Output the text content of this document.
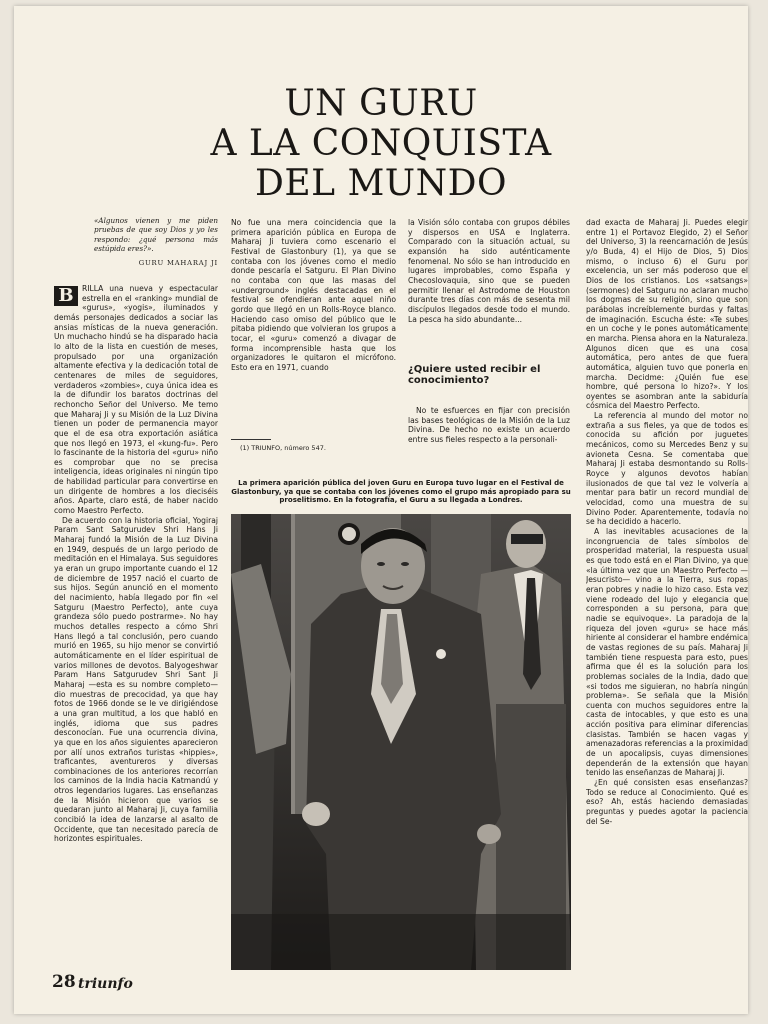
UN GURU
A LA CONQUISTA
DEL MUNDO
«Algunos vienen y me piden pruebas de que soy Dios y yo les respondo: ¿qué persona más estúpida eres?».
GURU MAHARAJ JI

B	RILLA una nueva y espectacular estrella en el «ranking» mundial de «gurus», «yogis», iluminados y demás personajes dedicados a sociar las ansias místicas de la nueva generación. Un muchacho hindú se ha disparado hacia lo alto de la lista en cuestión de meses, propulsado por una organización altamente efectiva y la dedicación total de centenares de miles de seguidores, verdaderos «zombies», cuya única idea es la de difundir los baratos doctrinas del rechoncho Señor del Universo. Me temo que Maharaj Ji y su Misión de la Luz Divina tienen un poder de permanencia mayor que el de esa otra exportación asiática que nos llegó en 1973, el «kung-fu». Pero lo fascinante de la historia del «guru» niño es comprobar que no se precisa inteligencia, ideas originales ni ningún tipo de habilidad particular para convertirse en un dirigente de hombres a los dieciséis años. Aparte, claro está, de haber nacido como Maestro Perfecto.

De acuerdo con la historia oficial, Yogiraj Param Sant Satgurudev Shri Hans Ji Maharaj fundó la Misión de la Luz Divina en 1949, después de un largo periodo de meditación en el Himalaya. Sus seguidores ya eran un grupo importante cuando el 12 de diciembre de 1957 nació el cuarto de sus hijos. Según anunció en el momento del nacimiento, había llegado por fin «el Satguru (Maestro Perfecto), ante cuya grandeza sólo puedo postrarme». No hay muchos detalles respecto a cómo Shri Hans llegó a tal conclusión, pero cuando murió en 1965, su hijo menor se convirtió automáticamente en el líder espiritual de varios millones de devotos. Balyogeshwar Param Hans Satgurudev Shri Sant Ji Maharaj —esta es su nombre completo— dio muestras de precocidad, ya que hay fotos de 1966 donde se le ve dirigiéndose a una gran multitud, a los que habló en inglés, idioma que sus padres desconocían. Fue una ocurrencia divina, ya que en los años siguientes aparecieron por allí unos extraños turistas «hippies», traficantes, aventureros y diversas combinaciones de los anteriores recorrían los caminos de la India hacia Katmandú y otros legendarios lugares. Las enseñanzas de la Misión hicieron que varios se quedaran junto al Maharaj Ji, cuya familia concibió la idea de lanzarse al asalto de Occidente, que tan necesitado parecía de horizontes espirituales.

No fue una mera coincidencia que la primera aparición pública en Europa de Maharaj Ji tuviera como escenario el Festival de Glastonbury (1), ya que se contaba con los jóvenes como el medio donde pescaría el Satguru. El Plan Divino no contaba con que las masas del «underground» inglés destacadas en el festival se ofendieran ante aquel niño gordo que llegó en un Rolls-Royce blanco. Haciendo caso omiso del público que le pitaba pidiendo que volvieran los grupos a tocar, el «guru» comenzó a divagar de forma incomprensible hasta que los organizadores le quitaron el micrófono. Esto era en 1971, cuando

(1) TRIUNFO, número 547.

la Visión sólo contaba con grupos débiles y dispersos en USA e Inglaterra. Comparado con la situación actual, su expansión ha sido auténticamente fenomenal. No sólo se han introducido en lugares improbables, como España y Checoslovaquia, sino que se pueden permitir llenar el Astrodome de Houston durante tres días con más de sesenta mil discípulos llegados desde todo el mundo. La pesca ha sido abundante...

¿Quiere usted recibir el conocimiento?

No te esfuerces en fijar con precisión las bases teológicas de la Misión de la Luz Divina. De hecho no existe un acuerdo entre sus fieles respecto a la personali-

dad exacta de Maharaj Ji. Puedes elegir entre 1) el Portavoz Elegido, 2) el Señor del Universo, 3) la reencarnación de Jesús y/o Buda, 4) el Hijo de Dios, 5) Dios mismo, o incluso 6) el Guru por excelencia, un ser más poderoso que el Dios de los cristianos. Los «satsangs» (sermones) del Satguru no aclaran mucho los dogmas de su religión, sino que son parábolas increíblemente burdas y faltas de imaginación. Escucha éste: «Te subes en un coche y le pones automáticamente en marcha. Piensa ahora en la Naturaleza. Algunos dicen que es una cosa automática, pero antes de que fuera automática, alguien tuvo que ponerla en marcha. Decidme: ¿Quién fue ese hombre, qué persona lo hizo?». Y los oyentes se asombran ante la sabiduría cósmica del Maestro Perfecto.

La referencia al mundo del motor no extraña a sus fieles, ya que de todos es conocida su afición por juguetes mecánicos, como su Mercedes Benz y su avioneta Cesna. Se comentaba que Maharaj Ji estaba desmontando su Rolls-Royce y algunos devotos habían ilusionados de que tal vez le volvería a mentar para batir un record mundial de velocidad, como una muestra de su Divino Poder. Aparentemente, todavía no se ha decidido a hacerlo.

A las inevitables acusaciones de la incongruencia de tales símbolos de prosperidad material, la respuesta usual es que todo está en el Plan Divino, ya que «la última vez que un Maestro Perfecto —Jesucristo— vino a la Tierra, sus ropas eran pobres y nadie lo hizo caso. Esta vez viene rodeado del lujo y elegancia que corresponden a su persona, para que nadie se equivoque». La paradoja de la riqueza del joven «guru» se hace más hiriente al considerar el hambre endémica de vastas regiones de su país. Maharaj Ji también tiene respuesta para esto, pues afirma que él es la solución para los problemas sociales de la India, dado que «si todos me siguieran, no habría ningún problema». Se señala que la Misión cuenta con muchos seguidores entre la casta de intocables, y que esto es una acción positiva para eliminar diferencias clasistas. También se hacen vagas y amenazadoras referencias a la proximidad de un apocalipsis, cuyas dimensiones dependerán de la extensión que hayan tenido las enseñanzas de Maharaj Ji.

¿En qué consisten esas enseñanzas? Todo se reduce al Conocimiento. Qué es eso? Ah, estás haciendo demasiadas preguntas y puedes agotar la paciencia del Se-

La primera aparición pública del joven Guru en Europa tuvo lugar en el Festival de Glastonbury, ya que se contaba con los jóvenes como el grupo más apropiado para su proselitismo. En la fotografía, el Guru a su llegada a Londres.
28 triunfo
